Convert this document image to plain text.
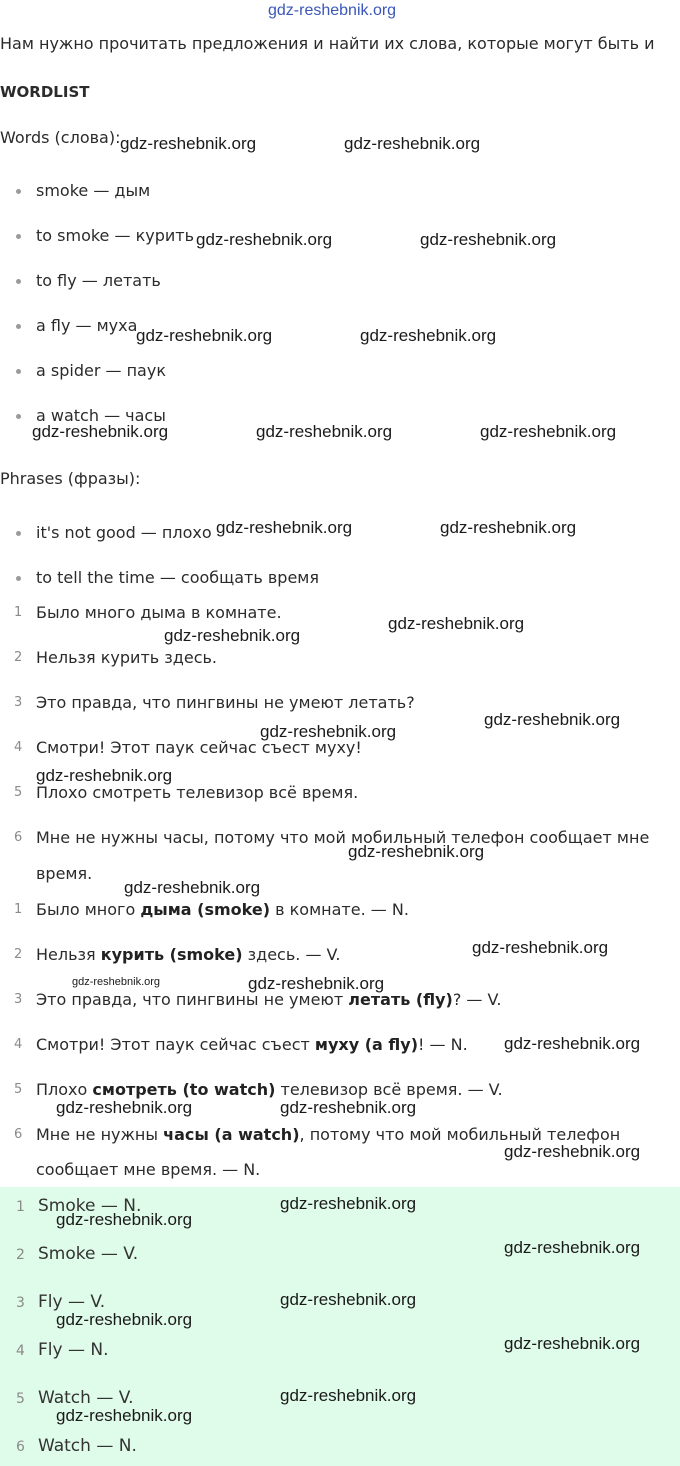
gdz-reshebnik.org
Нам нужно прочитать предложения и найти их слова, которые могут быть и
WORDLIST
Words (слова):
smoke — дым
to smoke — курить
to fly — летать
a fly — муха
a spider — паук
a watch — часы
Phrases (фразы):
it's not good — плохо
to tell the time — сообщать время
1 Было много дыма в комнате.
2 Нельзя курить здесь.
3 Это правда, что пингвины не умеют летать?
4 Смотри! Этот паук сейчас съест муху!
5 Плохо смотреть телевизор всё время.
6 Мне не нужны часы, потому что мой мобильный телефон сообщает мне
время.
1 Было много дыма (smoke) в комнате. — N.
2 Нельзя курить (smoke) здесь. — V.
3 Это правда, что пингвины не умеют летать (fly)? — V.
4 Смотри! Этот паук сейчас съест муху (a fly)! — N.
5 Плохо смотреть (to watch) телевизор всё время. — V.
6 Мне не нужны часы (a watch), потому что мой мобильный телефон
сообщает мне время. — N.
1 Smoke — N.
2 Smoke — V.
3 Fly — V.
4 Fly — N.
5 Watch — V.
6 Watch — N.
gdz-reshebnik.org	gdz-reshebnik.org
gdz-reshebnik.org	gdz-reshebnik.org
gdz-reshebnik.org	gdz-reshebnik.org
gdz-reshebnik.org	gdz-reshebnik.org	gdz-reshebnik.org
gdz-reshebnik.org	gdz-reshebnik.org
gdz-reshebnik.org
gdz-reshebnik.org
gdz-reshebnik.org
gdz-reshebnik.org
gdz-reshebnik.org
gdz-reshebnik.org
gdz-reshebnik.org
gdz-reshebnik.org
gdz-reshebnik.org	gdz-reshebnik.org
gdz-reshebnik.org
gdz-reshebnik.org	gdz-reshebnik.org
gdz-reshebnik.org
gdz-reshebnik.org
gdz-reshebnik.org
gdz-reshebnik.org
gdz-reshebnik.org
gdz-reshebnik.org
gdz-reshebnik.org
gdz-reshebnik.org
gdz-reshebnik.org
